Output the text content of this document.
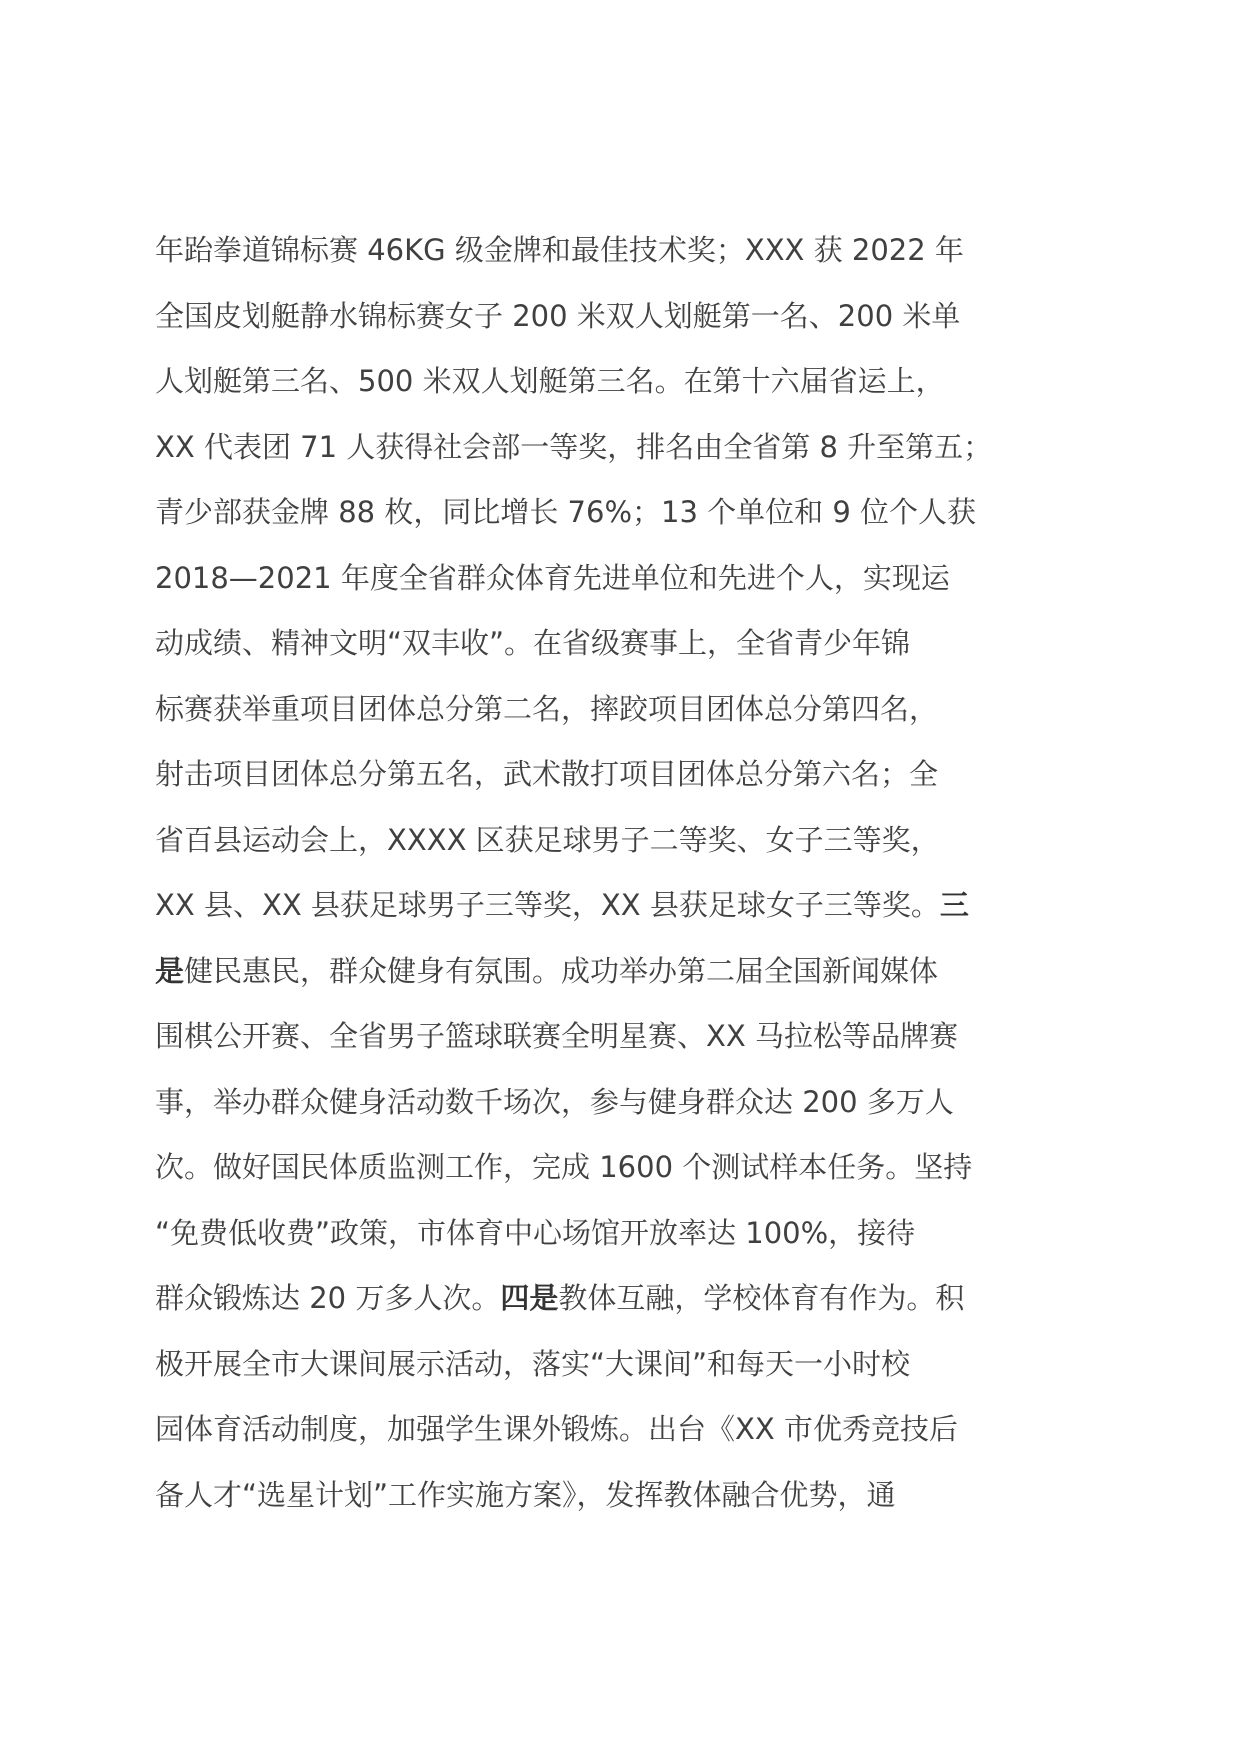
年跆拳道锦标赛 46KG 级金牌和最佳技术奖；XXX 获 2022 年
全国皮划艇静水锦标赛女子 200 米双人划艇第一名、200 米单
人划艇第三名、500 米双人划艇第三名。在第十六届省运上，
XX 代表团 71 人获得社会部一等奖，排名由全省第 8 升至第五；
青少部获金牌 88 枚，同比增长 76%；13 个单位和 9 位个人获
2018—2021 年度全省群众体育先进单位和先进个人，实现运
动成绩、精神文明“双丰收”。在省级赛事上，全省青少年锦
标赛获举重项目团体总分第二名，摔跤项目团体总分第四名，
射击项目团体总分第五名，武术散打项目团体总分第六名；全
省百县运动会上，XXXX 区获足球男子二等奖、女子三等奖，
XX 县、XX 县获足球男子三等奖，XX 县获足球女子三等奖。三
是健民惠民，群众健身有氛围。成功举办第二届全国新闻媒体
围棋公开赛、全省男子篮球联赛全明星赛、XX 马拉松等品牌赛
事，举办群众健身活动数千场次，参与健身群众达 200 多万人
次。做好国民体质监测工作，完成 1600 个测试样本任务。坚持
“免费低收费”政策，市体育中心场馆开放率达 100%，接待
群众锻炼达 20 万多人次。四是教体互融，学校体育有作为。积
极开展全市大课间展示活动，落实“大课间”和每天一小时校
园体育活动制度，加强学生课外锻炼。出台《XX 市优秀竞技后
备人才“选星计划”工作实施方案》，发挥教体融合优势，通
